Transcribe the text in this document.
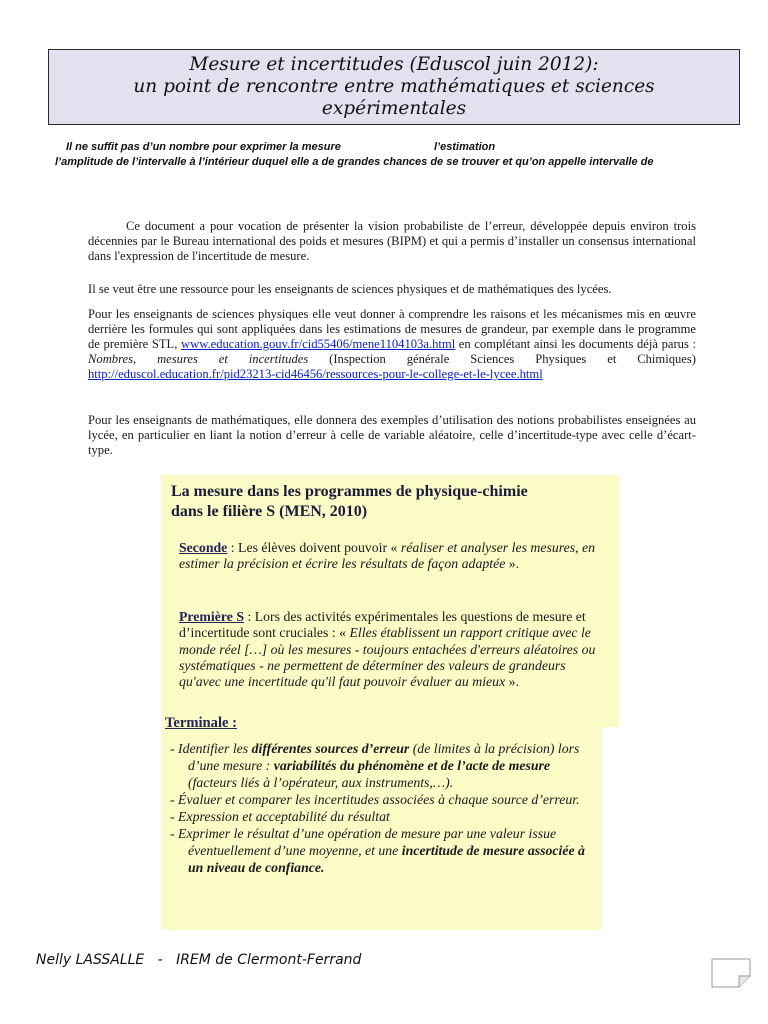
Mesure et incertitudes (Eduscol juin 2012):
un point de rencontre entre mathématiques et sciences
expérimentales
Il ne suffit pas d’un nombre pour exprimer la mesure	l’estimation
l’amplitude de l’intervalle à l’intérieur duquel elle a de grandes chances de se trouver et qu’on appelle intervalle de
Ce document a pour vocation de présenter la vision probabiliste de l’erreur, développée depuis environ trois décennies par le Bureau international des poids et mesures (BIPM) et qui a permis d’installer un consensus international dans l'expression de l'incertitude de mesure.
Il se veut être une ressource pour les enseignants de sciences physiques et de mathématiques des lycées.
Pour les enseignants de sciences physiques elle veut donner à comprendre les raisons et les mécanismes mis en œuvre derrière les formules qui sont appliquées dans les estimations de mesures de grandeur, par exemple dans le programme de première STL, www.education.gouv.fr/cid55406/mene1104103a.html en complétant ainsi les documents déjà parus : Nombres, mesures et incertitudes (Inspection générale Sciences Physiques et Chimiques) http://eduscol.education.fr/pid23213-cid46456/ressources-pour-le-college-et-le-lycee.html
Pour les enseignants de mathématiques, elle donnera des exemples d’utilisation des notions probabilistes enseignées au lycée, en particulier en liant la notion d’erreur à celle de variable aléatoire, celle d’incertitude-type avec celle d’écart-type.
La mesure dans les programmes de physique-chimie
dans le filière S (MEN, 2010)
Seconde : Les élèves doivent pouvoir « réaliser et analyser les mesures, en estimer la précision et écrire les résultats de façon adaptée ».
Première S : Lors des activités expérimentales les questions de mesure et d’incertitude sont cruciales : « Elles établissent un rapport critique avec le monde réel […] où les mesures - toujours entachées d'erreurs aléatoires ou systématiques - ne permettent de déterminer des valeurs de grandeurs qu'avec une incertitude qu'il faut pouvoir évaluer au mieux ».
Terminale :
- Identifier les différentes sources d’erreur (de limites à la précision) lors d’une mesure : variabilités du phénomène et de l’acte de mesure (facteurs liés à l’opérateur, aux instruments,…).
- Évaluer et comparer les incertitudes associées à chaque source d’erreur.
- Expression et acceptabilité du résultat
- Exprimer le résultat d’une opération de mesure par une valeur issue éventuellement d’une moyenne, et une incertitude de mesure associée à un niveau de confiance.
Nelly LASSALLE - IREM de Clermont-Ferrand
